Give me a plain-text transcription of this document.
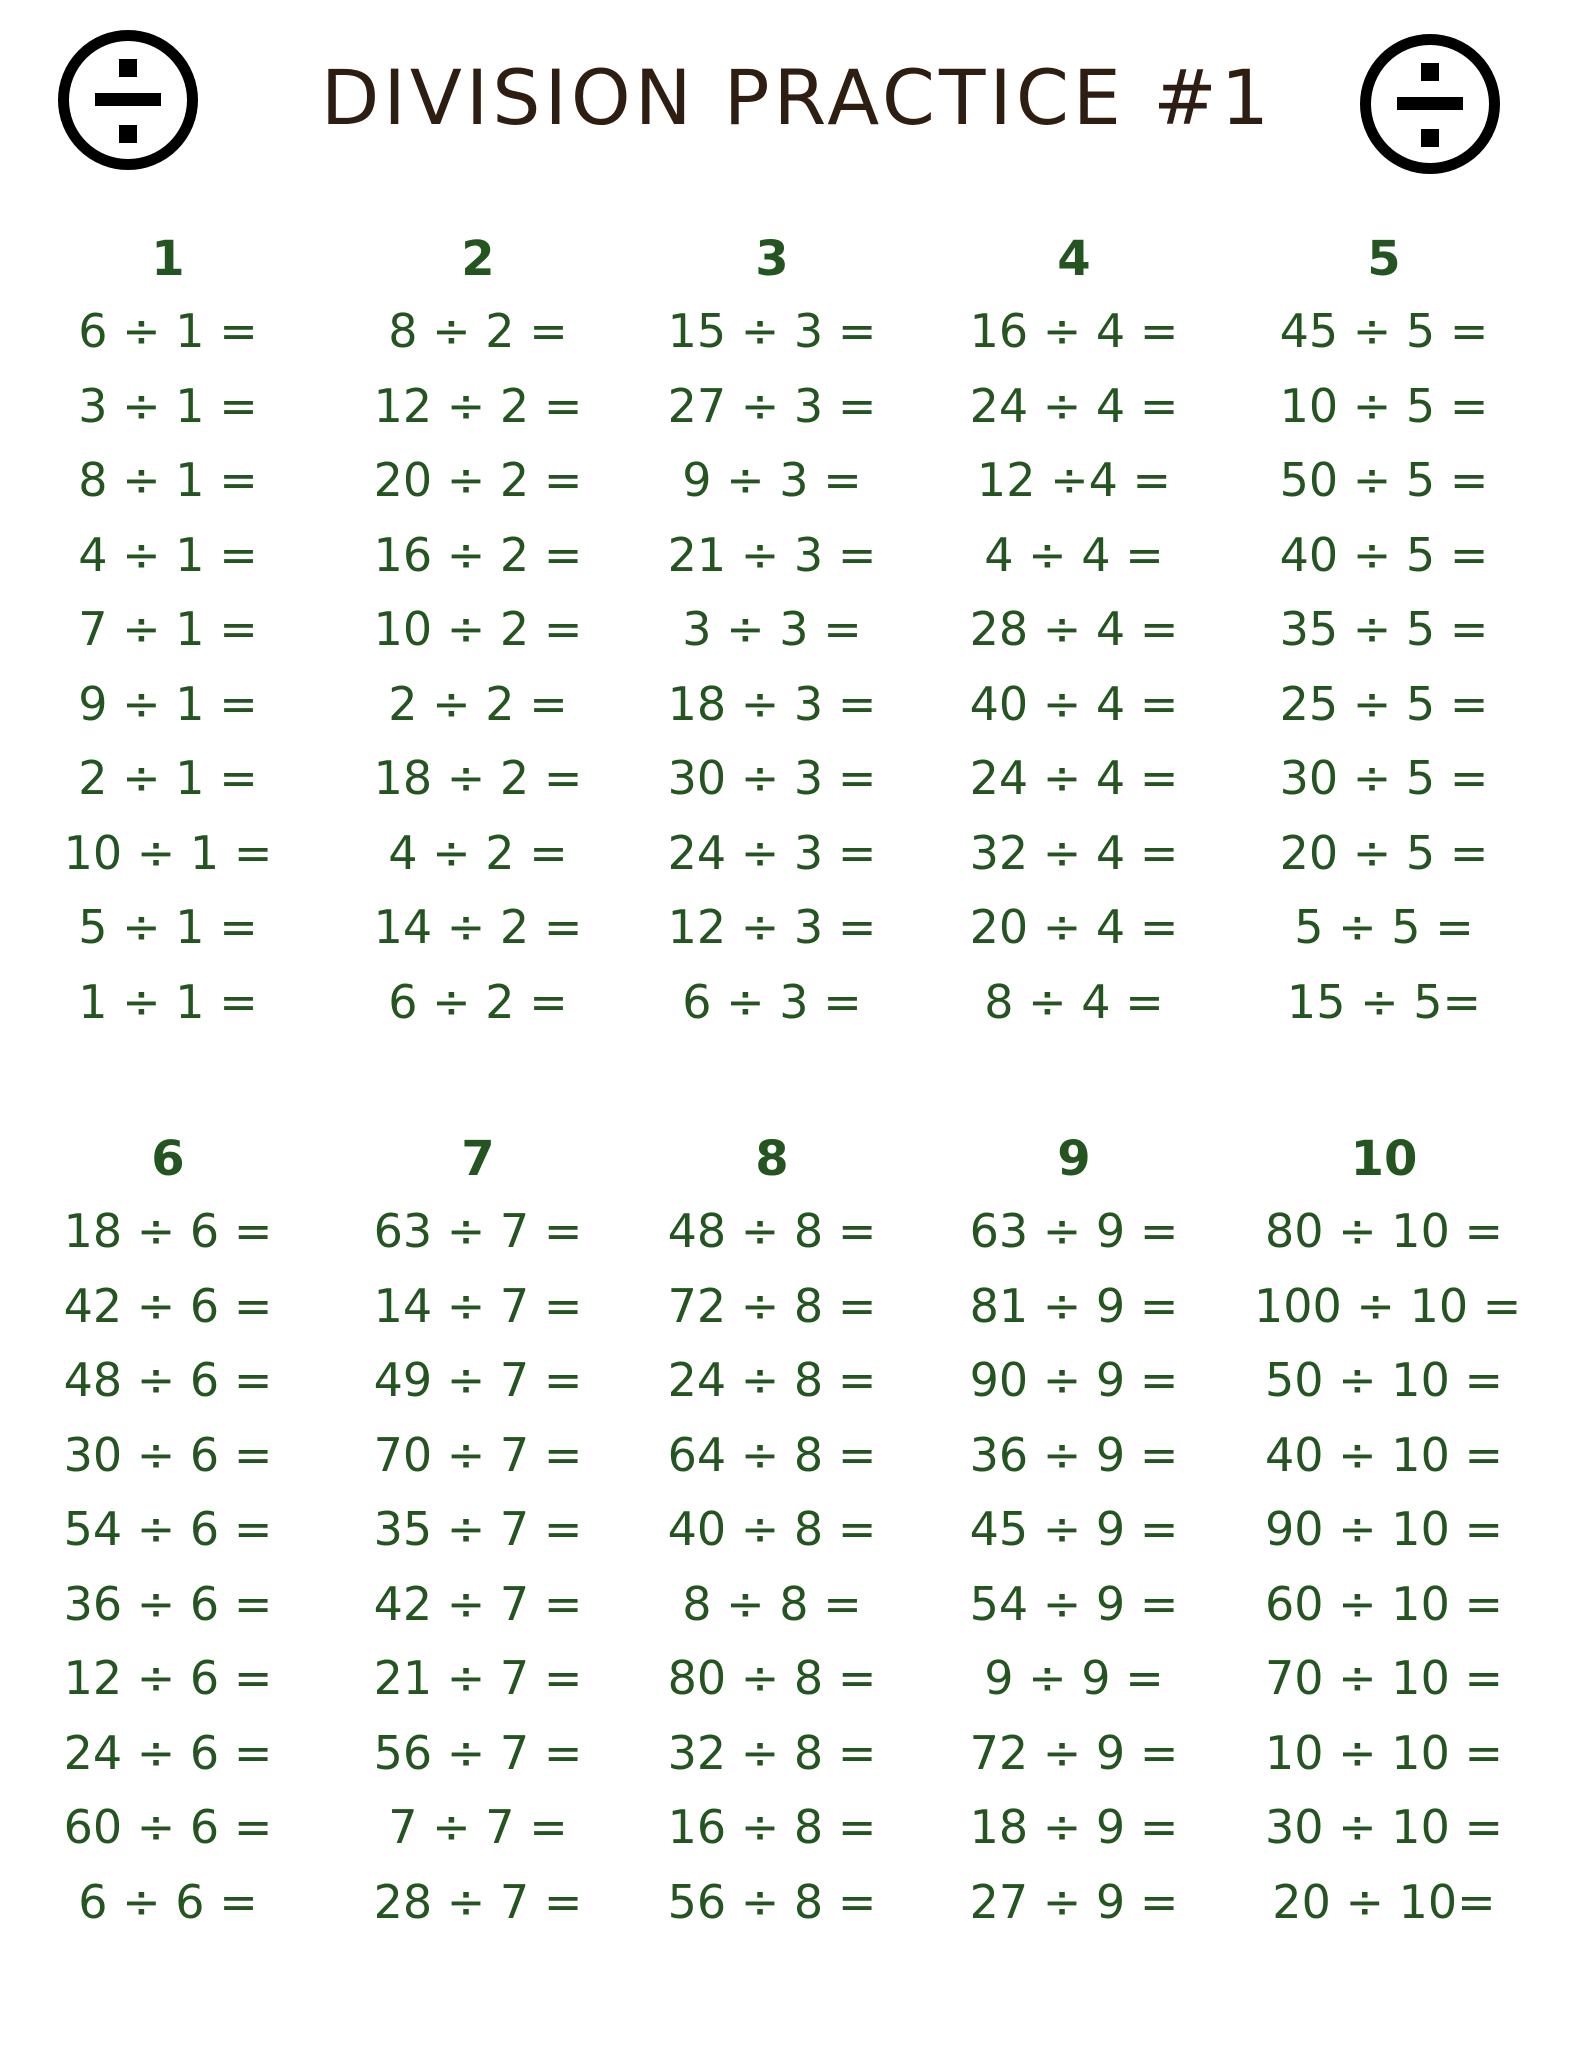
DIVISION PRACTICE #1
1
6 ÷ 1 =
3 ÷ 1 =
8 ÷ 1 =
4 ÷ 1 =
7 ÷ 1 =
9 ÷ 1 =
2 ÷ 1 =
10 ÷ 1 =
5 ÷ 1 =
1 ÷ 1 =
2
8 ÷ 2 =
12 ÷ 2 =
20 ÷ 2 =
16 ÷ 2 =
10 ÷ 2 =
2 ÷ 2 =
18 ÷ 2 =
4 ÷ 2 =
14 ÷ 2 =
6 ÷ 2 =
3
15 ÷ 3 =
27 ÷ 3 =
9 ÷ 3 =
21 ÷ 3 =
3 ÷ 3 =
18 ÷ 3 =
30 ÷ 3 =
24 ÷ 3 =
12 ÷ 3 =
6 ÷ 3 =
4
16 ÷ 4 =
24 ÷ 4 =
12 ÷4 =
4 ÷ 4 =
28 ÷ 4 =
40 ÷ 4 =
24 ÷ 4 =
32 ÷ 4 =
20 ÷ 4 =
8 ÷ 4 =
5
45 ÷ 5 =
10 ÷ 5 =
50 ÷ 5 =
40 ÷ 5 =
35 ÷ 5 =
25 ÷ 5 =
30 ÷ 5 =
20 ÷ 5 =
5 ÷ 5 =
15 ÷ 5=
6
18 ÷ 6 =
42 ÷ 6 =
48 ÷ 6 =
30 ÷ 6 =
54 ÷ 6 =
36 ÷ 6 =
12 ÷ 6 =
24 ÷ 6 =
60 ÷ 6 =
6 ÷ 6 =
7
63 ÷ 7 =
14 ÷ 7 =
49 ÷ 7 =
70 ÷ 7 =
35 ÷ 7 =
42 ÷ 7 =
21 ÷ 7 =
56 ÷ 7 =
7 ÷ 7 =
28 ÷ 7 =
8
48 ÷ 8 =
72 ÷ 8 =
24 ÷ 8 =
64 ÷ 8 =
40 ÷ 8 =
8 ÷ 8 =
80 ÷ 8 =
32 ÷ 8 =
16 ÷ 8 =
56 ÷ 8 =
9
63 ÷ 9 =
81 ÷ 9 =
90 ÷ 9 =
36 ÷ 9 =
45 ÷ 9 =
54 ÷ 9 =
9 ÷ 9 =
72 ÷ 9 =
18 ÷ 9 =
27 ÷ 9 =
10
80 ÷ 10 =
100 ÷ 10 =
50 ÷ 10 =
40 ÷ 10 =
90 ÷ 10 =
60 ÷ 10 =
70 ÷ 10 =
10 ÷ 10 =
30 ÷ 10 =
20 ÷ 10=
